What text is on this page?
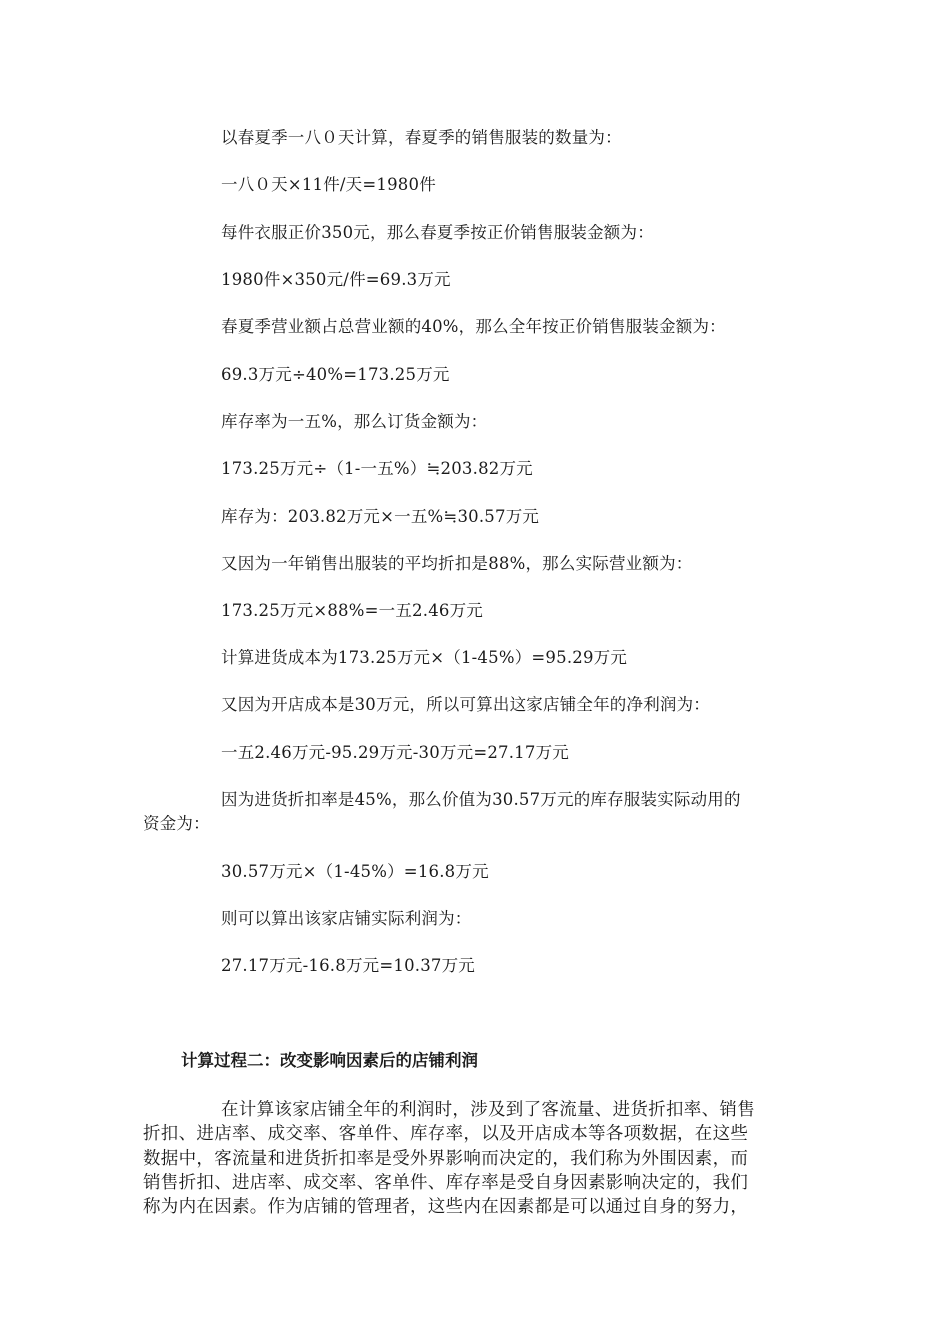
以春夏季一八０天计算，春夏季的销售服装的数量为：
一八０天×11件/天=1980件
每件衣服正价350元，那么春夏季按正价销售服装金额为：
1980件×350元/件=69.3万元
春夏季营业额占总营业额的40%，那么全年按正价销售服装金额为：
69.3万元÷40%=173.25万元
库存率为一五%，那么订货金额为：
173.25万元÷（1-一五%）≒203.82万元
库存为：203.82万元×一五%≒30.57万元
又因为一年销售出服装的平均折扣是88%，那么实际营业额为：
173.25万元×88%=一五2.46万元
计算进货成本为173.25万元×（1-45%）=95.29万元
又因为开店成本是30万元，所以可算出这家店铺全年的净利润为：
一五2.46万元-95.29万元-30万元=27.17万元
因为进货折扣率是45%，那么价值为30.57万元的库存服装实际动用的
资金为：
30.57万元×（1-45%）=16.8万元
则可以算出该家店铺实际利润为：
27.17万元-16.8万元=10.37万元
计算过程二：改变影响因素后的店铺利润
在计算该家店铺全年的利润时，涉及到了客流量、进货折扣率、销售
折扣、进店率、成交率、客单件、库存率，以及开店成本等各项数据，在这些
数据中，客流量和进货折扣率是受外界影响而决定的，我们称为外围因素，而
销售折扣、进店率、成交率、客单件、库存率是受自身因素影响决定的，我们
称为内在因素。作为店铺的管理者，这些内在因素都是可以通过自身的努力，
